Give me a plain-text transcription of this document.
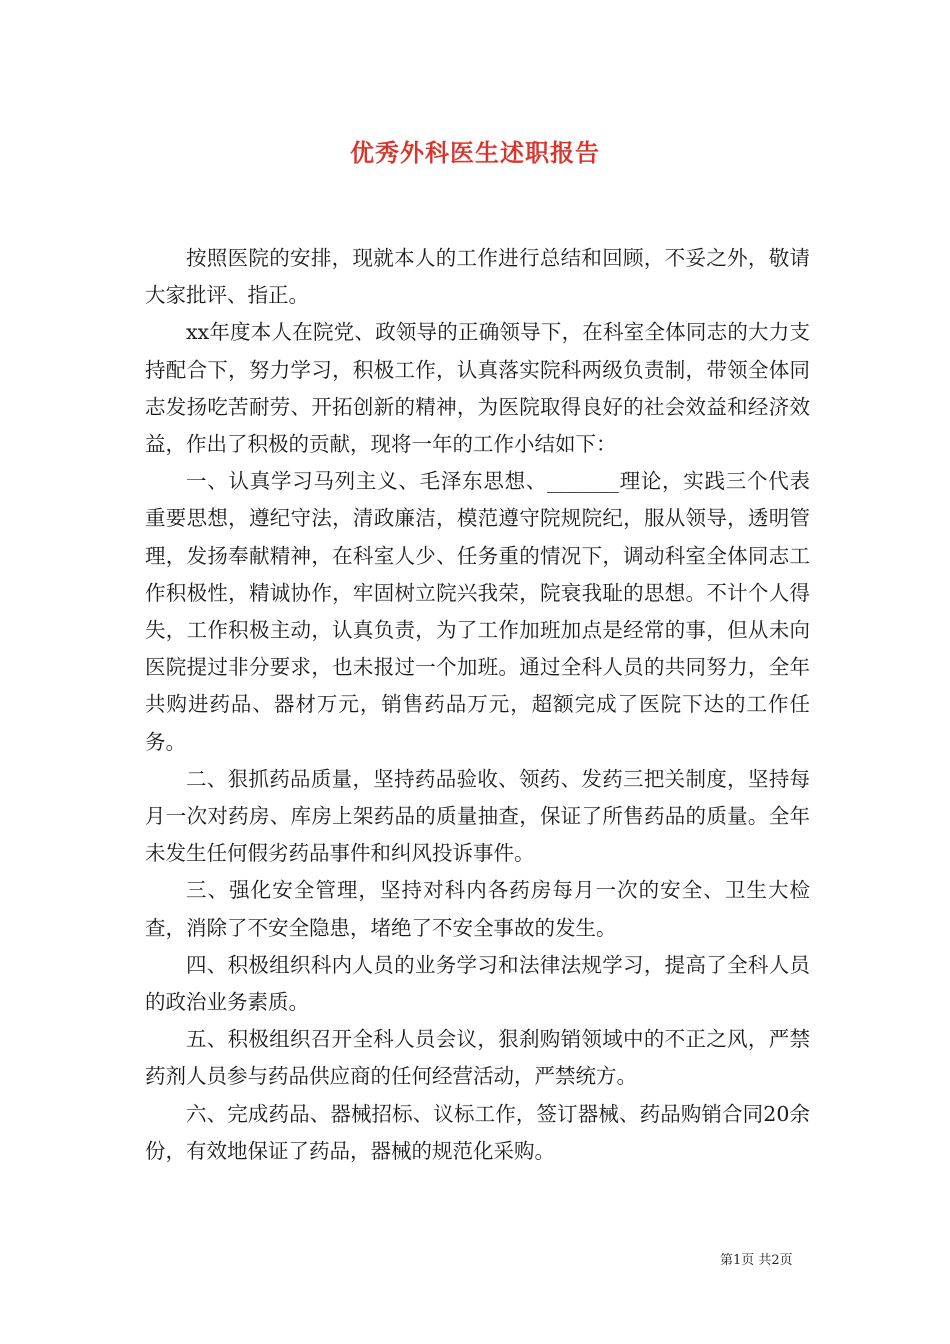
优秀外科医生述职报告

按照医院的安排，现就本人的工作进行总结和回顾，不妥之外，敬请大家批评、指正。

xx年度本人在院党、政领导的正确领导下，在科室全体同志的大力支持配合下，努力学习，积极工作，认真落实院科两级负责制，带领全体同志发扬吃苦耐劳、开拓创新的精神，为医院取得良好的社会效益和经济效益，作出了积极的贡献，现将一年的工作小结如下：

一、认真学习马列主义、毛泽东思想、_______理论，实践三个代表重要思想，遵纪守法，清政廉洁，模范遵守院规院纪，服从领导，透明管理，发扬奉献精神，在科室人少、任务重的情况下，调动科室全体同志工作积极性，精诚协作，牢固树立院兴我荣，院衰我耻的思想。不计个人得失，工作积极主动，认真负责，为了工作加班加点是经常的事，但从未向医院提过非分要求，也未报过一个加班。通过全科人员的共同努力，全年共购进药品、器材万元，销售药品万元，超额完成了医院下达的工作任务。

二、狠抓药品质量，坚持药品验收、领药、发药三把关制度，坚持每月一次对药房、库房上架药品的质量抽查，保证了所售药品的质量。全年未发生任何假劣药品事件和纠风投诉事件。

三、强化安全管理，坚持对科内各药房每月一次的安全、卫生大检查，消除了不安全隐患，堵绝了不安全事故的发生。

四、积极组织科内人员的业务学习和法律法规学习，提高了全科人员的政治业务素质。

五、积极组织召开全科人员会议，狠刹购销领域中的不正之风，严禁药剂人员参与药品供应商的任何经营活动，严禁统方。

六、完成药品、器械招标、议标工作，签订器械、药品购销合同20余份，有效地保证了药品，器械的规范化采购。

第1页 共2页
